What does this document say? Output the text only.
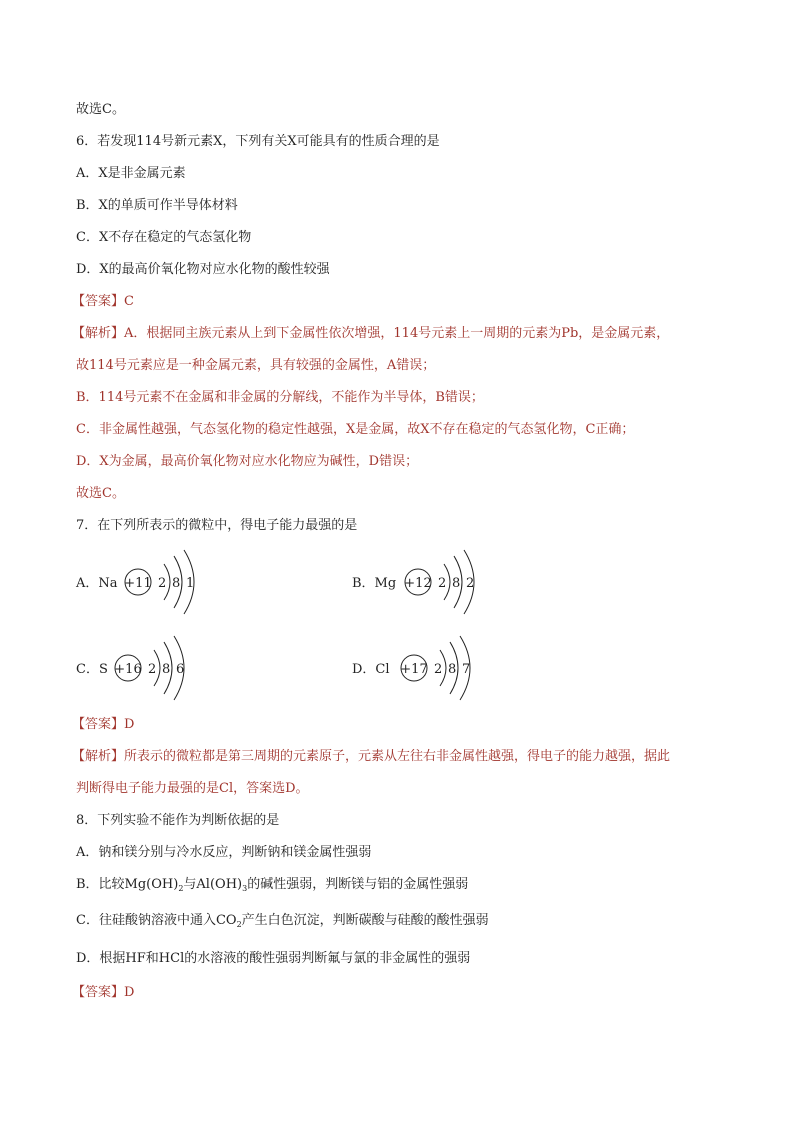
故选C。
6．若发现114号新元素X，下列有关X可能具有的性质合理的是
A．X是非金属元素
B．X的单质可作半导体材料
C．X不存在稳定的气态氢化物
D．X的最高价氧化物对应水化物的酸性较强
【答案】C
【解析】A．根据同主族元素从上到下金属性依次增强，114号元素上一周期的元素为Pb，是金属元素，
故114号元素应是一种金属元素，具有较强的金属性，A错误；
B．114号元素不在金属和非金属的分解线，不能作为半导体，B错误；
C．非金属性越强，气态氢化物的稳定性越强，X是金属，故X不存在稳定的气态氢化物，C正确；
D．X为金属，最高价氧化物对应水化物应为碱性，D错误；
故选C。
7．在下列所表示的微粒中，得电子能力最强的是
A．Na +11 2 8 1	B．Mg +12 2 8 2
C．S +16 2 8 6	D．Cl +17 2 8 7
【答案】D
【解析】所表示的微粒都是第三周期的元素原子，元素从左往右非金属性越强，得电子的能力越强，据此
判断得电子能力最强的是Cl，答案选D。
8．下列实验不能作为判断依据的是
A．钠和镁分别与冷水反应，判断钠和镁金属性强弱
B．比较$Mg(OH)_2$与$Al(OH)_3$的碱性强弱，判断镁与铝的金属性强弱
C．往硅酸钠溶液中通入$CO_2$产生白色沉淀，判断碳酸与硅酸的酸性强弱
D．根据HF和HCl的水溶液的酸性强弱判断氟与氯的非金属性的强弱
【答案】D
